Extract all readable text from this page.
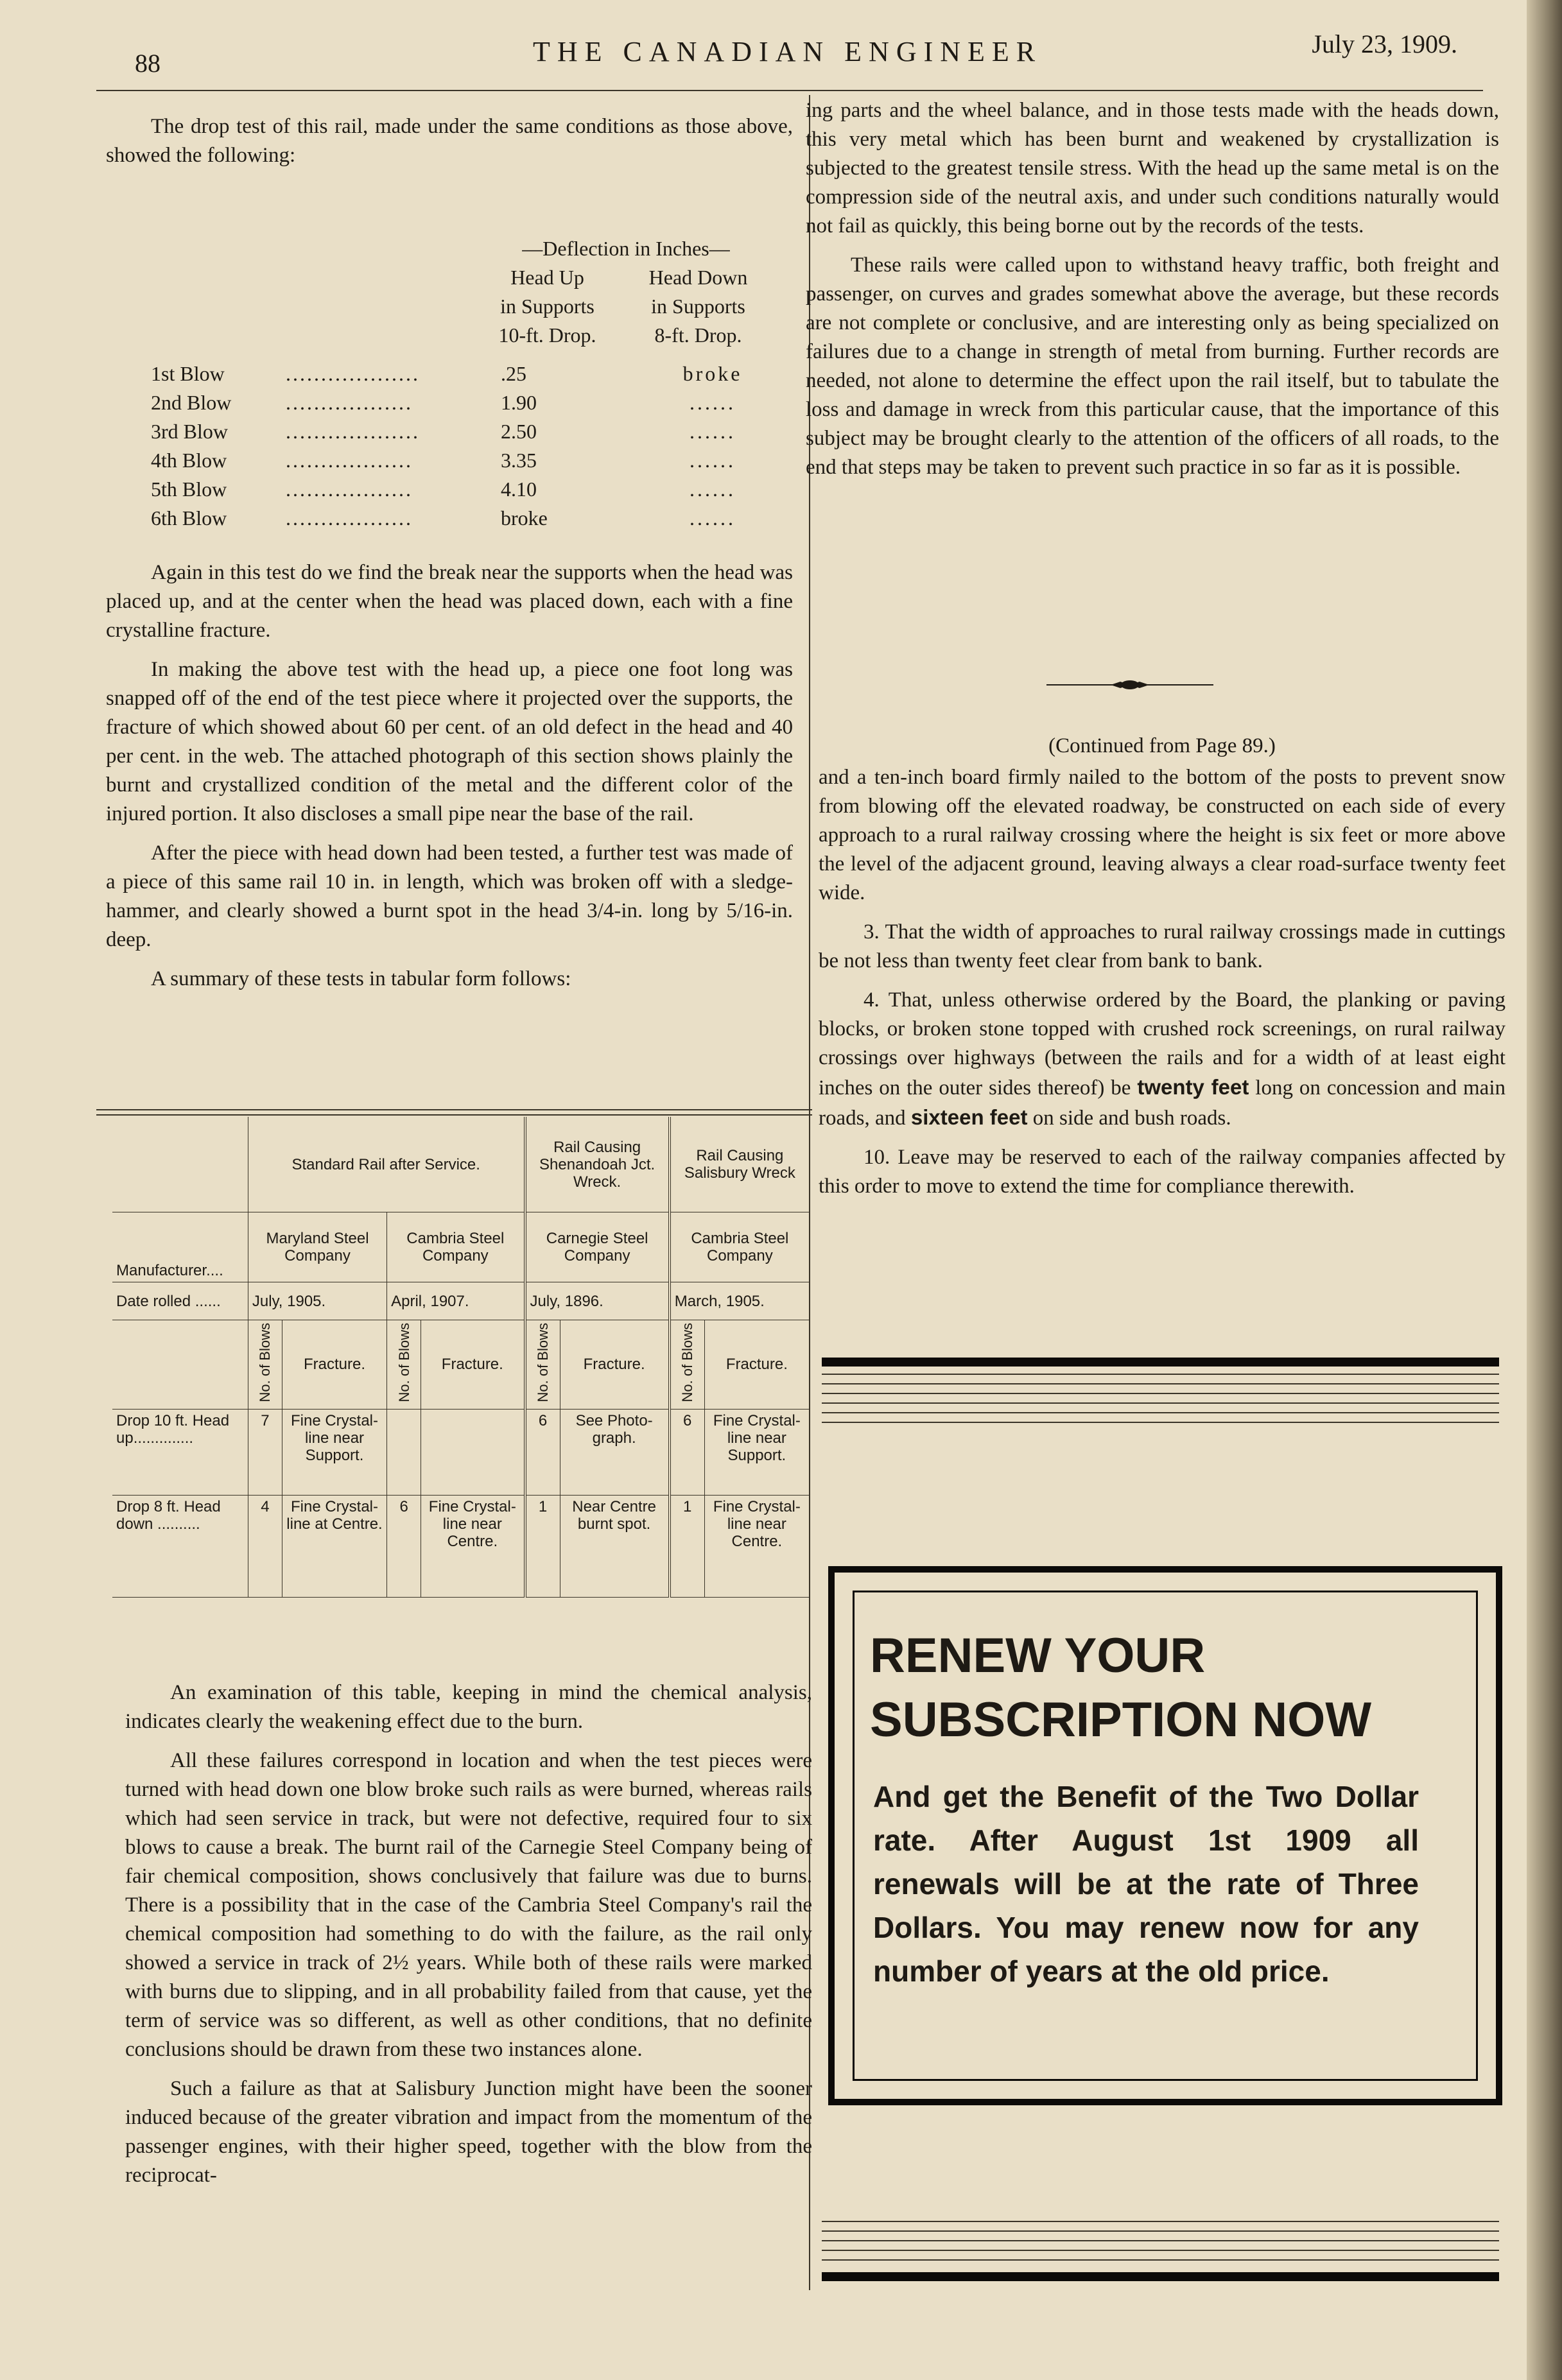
88	THE CANADIAN ENGINEER	July 23, 1909.

The drop test of this rail, made under the same conditions as those above, showed the following:

—Deflection in Inches—
Head Up
in Supports
10-ft. Drop.
Head Down
in Supports
8-ft. Drop.
1st Blow	...................	.25	broke
2nd Blow	..................	1.90	......
3rd Blow	...................	2.50	......
4th Blow	..................	3.35	......
5th Blow	..................	4.10	......
6th Blow	..................	broke	......

Again in this test do we find the break near the supports when the head was placed up, and at the center when the head was placed down, each with a fine crystalline fracture.

In making the above test with the head up, a piece one foot long was snapped off of the end of the test piece where it projected over the supports, the fracture of which showed about 60 per cent. of an old defect in the head and 40 per cent. in the web. The attached photograph of this section shows plainly the burnt and crystallized condition of the metal and the different color of the injured portion. It also discloses a small pipe near the base of the rail.

After the piece with head down had been tested, a further test was made of a piece of this same rail 10 in. in length, which was broken off with a sledge-hammer, and clearly showed a burnt spot in the head 3/4-in. long by 5/16-in. deep.

A summary of these tests in tabular form follows:

	Standard Rail after Service.				Rail Causing Shenandoah Jct. Wreck.		Rail Causing Salisbury Wreck	
Manufacturer....	Maryland Steel Company		Cambria Steel Company		Carnegie Steel Company		Cambria Steel Company	
Date rolled ......	July, 1905.		April, 1907.		July, 1896.		March, 1905.	
	No. of Blows	Fracture.	No. of Blows	Fracture.	No. of Blows	Fracture.	No. of Blows	Fracture.
Drop 10 ft. Head up..............	7	Fine Crystal-line near Support.			6	See Photo-graph.	6	Fine Crystal-line near Support.
Drop 8 ft. Head down ..........	4	Fine Crystal-line at Centre.	6	Fine Crystal-line near Centre.	1	Near Centre burnt spot.	1	Fine Crystal-line near Centre.

An examination of this table, keeping in mind the chemical analysis, indicates clearly the weakening effect due to the burn.

All these failures correspond in location and when the test pieces were turned with head down one blow broke such rails as were burned, whereas rails which had seen service in track, but were not defective, required four to six blows to cause a break. The burnt rail of the Carnegie Steel Company being of fair chemical composition, shows conclusively that failure was due to burns. There is a possibility that in the case of the Cambria Steel Company's rail the chemical composition had something to do with the failure, as the rail only showed a service in track of 2½ years. While both of these rails were marked with burns due to slipping, and in all probability failed from that cause, yet the term of service was so different, as well as other conditions, that no definite conclusions should be drawn from these two instances alone.

Such a failure as that at Salisbury Junction might have been the sooner induced because of the greater vibration and impact from the momentum of the passenger engines, with their higher speed, together with the blow from the reciprocat-

ing parts and the wheel balance, and in those tests made with the heads down, this very metal which has been burnt and weakened by crystallization is subjected to the greatest tensile stress. With the head up the same metal is on the compression side of the neutral axis, and under such conditions naturally would not fail as quickly, this being borne out by the records of the tests.

These rails were called upon to withstand heavy traffic, both freight and passenger, on curves and grades somewhat above the average, but these records are not complete or conclusive, and are interesting only as being specialized on failures due to a change in strength of metal from burning. Further records are needed, not alone to determine the effect upon the rail itself, but to tabulate the loss and damage in wreck from this particular cause, that the importance of this subject may be brought clearly to the attention of the officers of all roads, to the end that steps may be taken to prevent such practice in so far as it is possible.

(Continued from Page 89.)

and a ten-inch board firmly nailed to the bottom of the posts to prevent snow from blowing off the elevated roadway, be constructed on each side of every approach to a rural railway crossing where the height is six feet or more above the level of the adjacent ground, leaving always a clear road-surface twenty feet wide.

3. That the width of approaches to rural railway crossings made in cuttings be not less than twenty feet clear from bank to bank.

4. That, unless otherwise ordered by the Board, the planking or paving blocks, or broken stone topped with crushed rock screenings, on rural railway crossings over highways (between the rails and for a width of at least eight inches on the outer sides thereof) be twenty feet long on concession and main roads, and sixteen feet on side and bush roads.

10. Leave may be reserved to each of the railway companies affected by this order to move to extend the time for compliance therewith.

RENEW YOUR
SUBSCRIPTION NOW
And get the Benefit of the Two Dollar rate. After August 1st 1909 all renewals will be at the rate of Three Dollars. You may renew now for any number of years at the old price.
